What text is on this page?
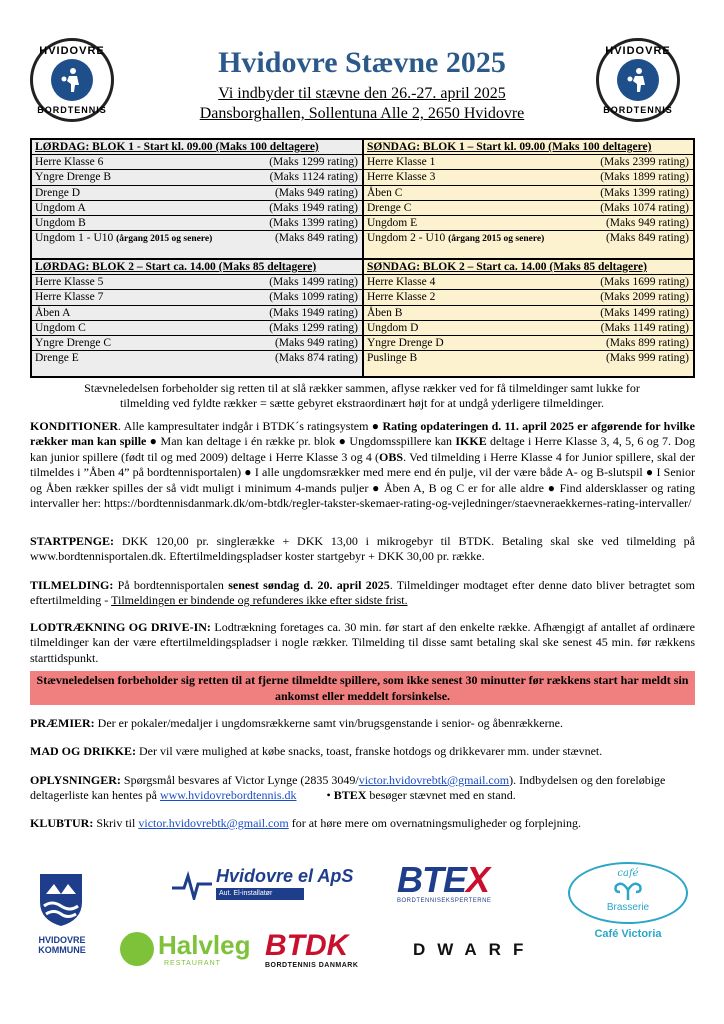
HVIDOVRE
BORDTENNIS
HVIDOVRE
BORDTENNIS
Hvidovre Stævne 2025
Vi indbyder til stævne den 26.-27. april 2025
Dansborghallen, Sollentuna Alle 2, 2650 Hvidovre
LØRDAG: BLOK 1 - Start kl. 09.00 (Maks 100 deltagere)
Herre Klasse 6	(Maks 1299 rating)
Yngre Drenge B	(Maks 1124 rating)
Drenge D	(Maks 949 rating)
Ungdom A	(Maks 1949 rating)
Ungdom B	(Maks 1399 rating)
Ungdom 1 - U10 (årgang 2015 og senere)	(Maks 849 rating)
SØNDAG: BLOK 1 – Start kl. 09.00 (Maks 100 deltagere)
Herre Klasse 1	(Maks 2399 rating)
Herre Klasse 3	(Maks 1899 rating)
Åben C	(Maks 1399 rating)
Drenge C	(Maks 1074 rating)
Ungdom E	(Maks 949 rating)
Ungdom 2 - U10 (årgang 2015 og senere)	(Maks 849 rating)
LØRDAG: BLOK 2 – Start ca. 14.00 (Maks 85 deltagere)
Herre Klasse 5	(Maks 1499 rating)
Herre Klasse 7	(Maks 1099 rating)
Åben A	(Maks 1949 rating)
Ungdom C	(Maks 1299 rating)
Yngre Drenge C	(Maks 949 rating)
Drenge E	(Maks 874 rating)
SØNDAG: BLOK 2 – Start ca. 14.00 (Maks 85 deltagere)
Herre Klasse 4	(Maks 1699 rating)
Herre Klasse 2	(Maks 2099 rating)
Åben B	(Maks 1499 rating)
Ungdom D	(Maks 1149 rating)
Yngre Drenge D	(Maks 899 rating)
Puslinge B	(Maks 999 rating)
Stævneledelsen forbeholder sig retten til at slå rækker sammen, aflyse rækker ved for få tilmeldinger samt lukke for tilmelding ved fyldte rækker = sætte gebyret ekstraordinært højt for at undgå yderligere tilmeldinger.
KONDITIONER. Alle kampresultater indgår i BTDK´s ratingsystem ● Rating opdateringen d. 11. april 2025 er afgørende for hvilke rækker man kan spille ● Man kan deltage i én række pr. blok ● Ungdomsspillere kan IKKE deltage i Herre Klasse 3, 4, 5, 6 og 7. Dog kan junior spillere (født til og med 2009) deltage i Herre Klasse 3 og 4 (OBS. Ved tilmelding i Herre Klasse 4 for Junior spillere, skal der tilmeldes i ”Åben 4” på bordtennisportalen) ● I alle ungdomsrækker med mere end én pulje, vil der være både A- og B-slutspil ● I Senior og Åben rækker spilles der så vidt muligt i minimum 4-mands puljer ● Åben A, B og C er for alle aldre ● Find aldersklasser og rating intervaller her: https://bordtennisdanmark.dk/om-btdk/regler-takster-skemaer-rating-og-vejledninger/staevneraekkernes-rating-intervaller/
STARTPENGE: DKK 120,00 pr. singlerække + DKK 13,00 i mikrogebyr til BTDK. Betaling skal ske ved tilmelding på www.bordtennisportalen.dk. Eftertilmeldingspladser koster startgebyr + DKK 30,00 pr. række.
TILMELDING: På bordtennisportalen senest søndag d. 20. april 2025. Tilmeldinger modtaget efter denne dato bliver betragtet som eftertilmelding - Tilmeldingen er bindende og refunderes ikke efter sidste frist.
LODTRÆKNING OG DRIVE-IN: Lodtrækning foretages ca. 30 min. før start af den enkelte række. Afhængigt af antallet af ordinære tilmeldinger kan der være eftertilmeldingspladser i nogle rækker. Tilmelding til disse samt betaling skal ske senest 45 min. før rækkens starttidspunkt.
Stævneledelsen forbeholder sig retten til at fjerne tilmeldte spillere, som ikke senest 30 minutter før rækkens start har meldt sin ankomst eller meddelt forsinkelse.
PRÆMIER: Der er pokaler/medaljer i ungdomsrækkerne samt vin/brugsgenstande i senior- og åbenrækkerne.
MAD OG DRIKKE: Der vil være mulighed at købe snacks, toast, franske hotdogs og drikkevarer mm. under stævnet.
OPLYSNINGER: Spørgsmål besvares af Victor Lynge (2835 3049/victor.hvidovrebtk@gmail.com). Indbydelsen og den foreløbige deltagerliste kan hentes på www.hvidovrebordtennis.dk          • BTEX besøger stævnet med en stand.
KLUBTUR: Skriv til victor.hvidovrebtk@gmail.com for at høre mere om overnatningsmuligheder og forplejning.
HVIDOVRE
KOMMUNE
Hvidovre el ApS
Aut. El-installatør	BTEX
BORDTENNISEKSPERTERNE
café
Brasserie
Café Victoria
Halvleg
RESTAURANT
BTDK
BORDTENNIS DANMARK
DWARF
